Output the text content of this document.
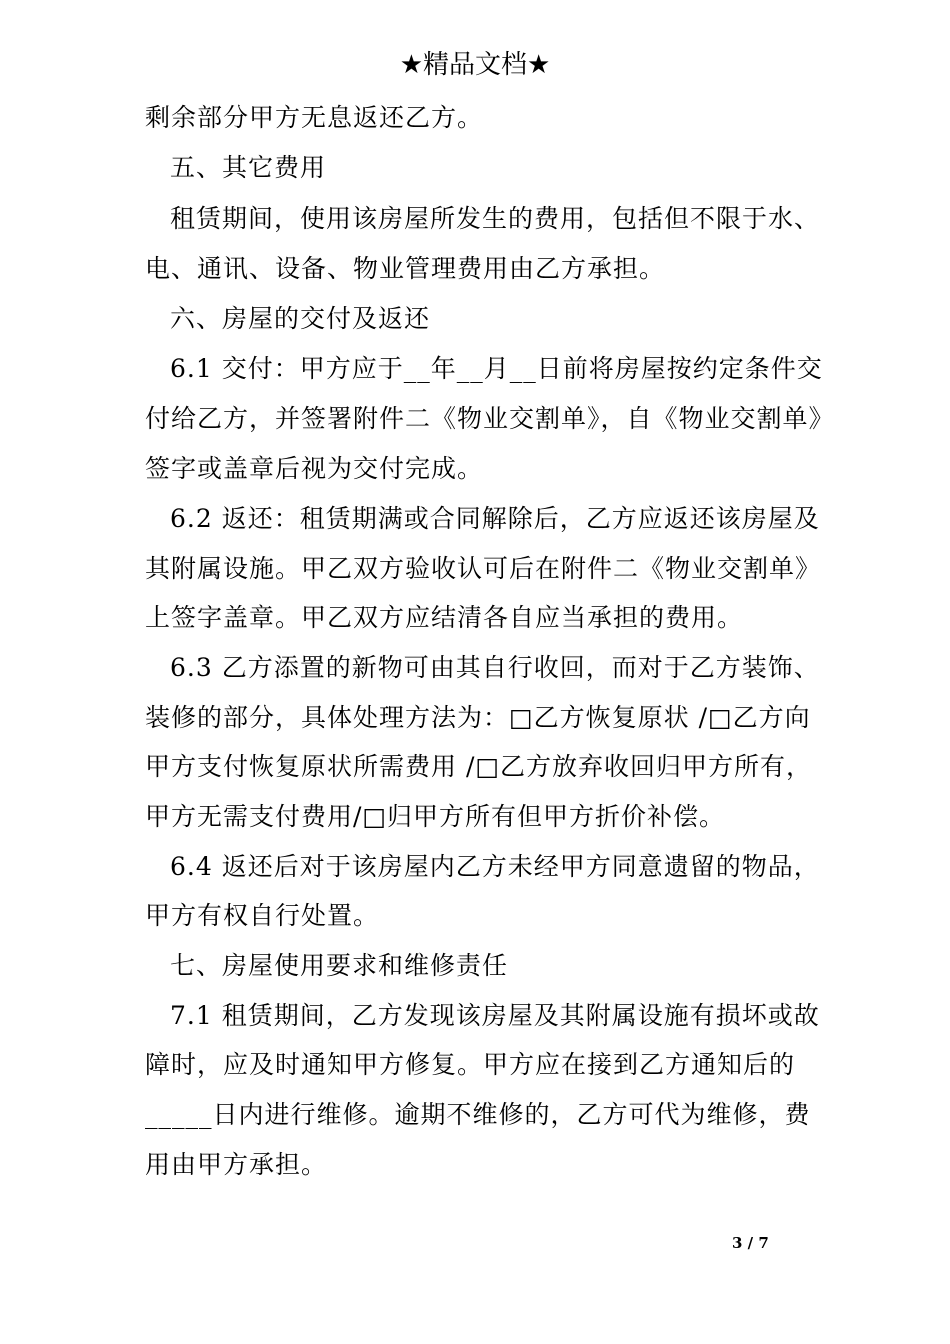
★精品文档★
剩余部分甲方无息返还乙方。
五、其它费用
租赁期间，使用该房屋所发生的费用，包括但不限于水、
电、通讯、设备、物业管理费用由乙方承担。
六、房屋的交付及返还
6.1 交付：甲方应于__年__月__日前将房屋按约定条件交
付给乙方，并签署附件二《物业交割单》，自《物业交割单》
签字或盖章后视为交付完成。
6.2 返还：租赁期满或合同解除后，乙方应返还该房屋及
其附属设施。甲乙双方验收认可后在附件二《物业交割单》
上签字盖章。甲乙双方应结清各自应当承担的费用。
6.3 乙方添置的新物可由其自行收回，而对于乙方装饰、
装修的部分，具体处理方法为：□乙方恢复原状 /□乙方向
甲方支付恢复原状所需费用 /□乙方放弃收回归甲方所有，
甲方无需支付费用/□归甲方所有但甲方折价补偿。
6.4 返还后对于该房屋内乙方未经甲方同意遗留的物品，
甲方有权自行处置。
七、房屋使用要求和维修责任
7.1 租赁期间，乙方发现该房屋及其附属设施有损坏或故
障时，应及时通知甲方修复。甲方应在接到乙方通知后的
_____日内进行维修。逾期不维修的，乙方可代为维修，费
用由甲方承担。
3 / 7
